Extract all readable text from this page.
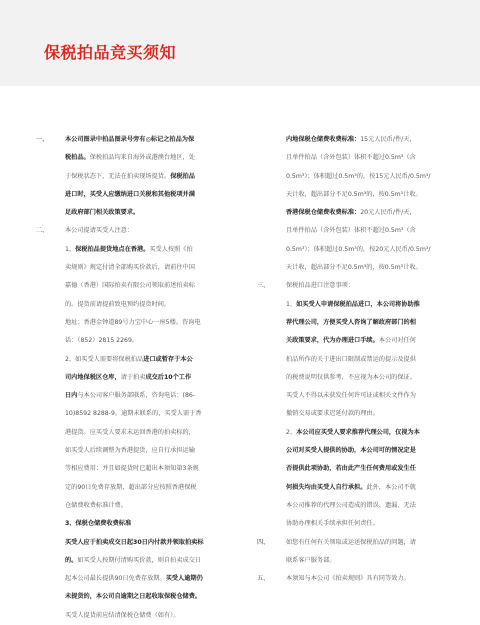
保税拍品竞买须知
一、	本公司图录中拍品图录号旁有◎标记之拍品为保
税拍品。保税拍品均来自海外或港澳台地区，处
于保税状态下，无法在拍卖现场提货。保税拍品
进口时，买受人应缴纳进口关税和其他税项并满
足政府部门相关政策要求。
二、	本公司提请买受人注意：
1、保税拍品提货地点在香港。买受人按照《拍
卖规则》规定付清全部购买价款后，请前往中国
嘉德（香港）国际拍卖有限公司领取前述拍卖标
的。提货前请提前致电预约提货时间。
地址：香港金钟道89号力宝中心一座5楼。咨询电
话：（852）2815 2269。
2、如买受人需要将保税拍品进口或暂存于本公
司内地保税区仓库，请于拍卖成交后10个工作
日内与本公司客户服务部联系，咨询电话：(86-
10)8592 8288-9。逾期未联系的，买受人需于香
港提货。应买受人要求未运回香港的拍卖标的，
如买受人后续调整为香港提货，应自行承担运输
等相应费用；并且如提货时已超出本须知第3条规
定的90日免费存放期，超出部分应按照香港保税
仓储费收费标准计费。
3、保税仓储费收费标准
买受人应于拍卖成交日起30日内付款并领取拍卖标
的。如买受人按期付清购买价款，则自拍卖成交日
起本公司最长提供90日免费存放期。买受人逾期仍
未提货的，本公司自逾期之日起收取保税仓储费。
买受人提货前应结清保税仓储费（如有）。
内地保税仓储费收费标准：15元人民币/件/天，
且单件拍品（含外包装）体积不超过0.5m³（含
0.5m³）；体积超过0.5m³的，按15元人民币/0.5m³/
天计收，超出部分不足0.5m³的，按0.5m³计收。
香港保税仓储费收费标准：20元人民币/件/天，
且单件拍品（含外包装）体积不超过0.5m³（含
0.5m³）；体积超过0.5m³的，按20元人民币/0.5m³/
天计收，超出部分不足0.5m³的，按0.5m³计收。
三、	保税拍品进口注意事项：
1、如买受人申请保税拍品进口，本公司将协助推
荐代理公司，方便买受人咨询了解政府部门的相
关政策要求，代为办理进口手续。本公司对任何
拍品所作的关于进出口限制或禁运的提示及提供
的税费说明仅供参考，不应视为本公司的保证。
买受人不得以未获发任何许可证或相关文件作为
撤销交易或要求迟延付款的理由。
2、本公司应买受人要求推荐代理公司，仅视为本
公司对买受人提供的协助，本公司可的情况定是
否提供此项协助，若由此产生任何费用或发生任
何损失均由买受人自行承担。此外，本公司不就
本公司推荐的代理公司造成的错误、遗漏、无法
协助办理相关手续承担任何责任。
四、	如您有任何有关领取或运送保税拍品的问题，请
联系客户服务部。
五、	本须知与本公司《拍卖规则》具有同等效力。
